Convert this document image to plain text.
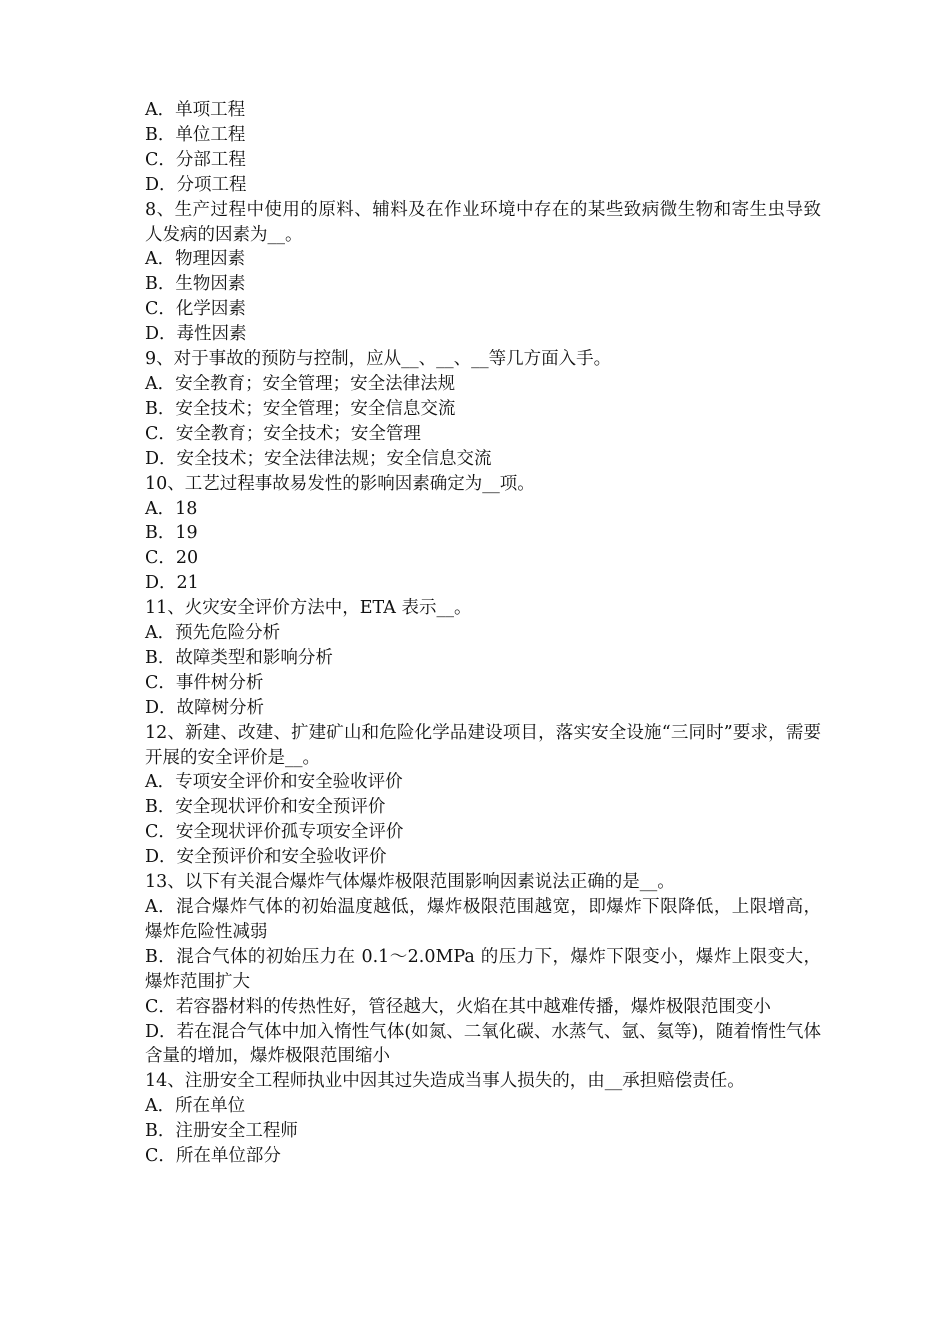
A．单项工程
B．单位工程
C．分部工程
D．分项工程
8、生产过程中使用的原料、辅料及在作业环境中存在的某些致病微生物和寄生虫导致人发病的因素为__。
A．物理因素
B．生物因素
C．化学因素
D．毒性因素
9、对于事故的预防与控制，应从__、__、__等几方面入手。
A．安全教育；安全管理；安全法律法规
B．安全技术；安全管理；安全信息交流
C．安全教育；安全技术；安全管理
D．安全技术；安全法律法规；安全信息交流
10、工艺过程事故易发性的影响因素确定为__项。
A．18
B．19
C．20
D．21
11、火灾安全评价方法中，ETA 表示__。
A．预先危险分析
B．故障类型和影响分析
C．事件树分析
D．故障树分析
12、新建、改建、扩建矿山和危险化学品建设项目，落实安全设施“三同时”要求，需要开展的安全评价是__。
A．专项安全评价和安全验收评价
B．安全现状评价和安全预评价
C．安全现状评价孤专项安全评价
D．安全预评价和安全验收评价
13、以下有关混合爆炸气体爆炸极限范围影响因素说法正确的是__。
A．混合爆炸气体的初始温度越低，爆炸极限范围越宽，即爆炸下限降低，上限增高，爆炸危险性减弱
B．混合气体的初始压力在 0.1～2.0MPa 的压力下，爆炸下限变小，爆炸上限变大，爆炸范围扩大
C．若容器材料的传热性好，管径越大，火焰在其中越难传播，爆炸极限范围变小
D．若在混合气体中加入惰性气体(如氮、二氧化碳、水蒸气、氩、氦等)，随着惰性气体含量的增加，爆炸极限范围缩小
14、注册安全工程师执业中因其过失造成当事人损失的，由__承担赔偿责任。
A．所在单位
B．注册安全工程师
C．所在单位部分
